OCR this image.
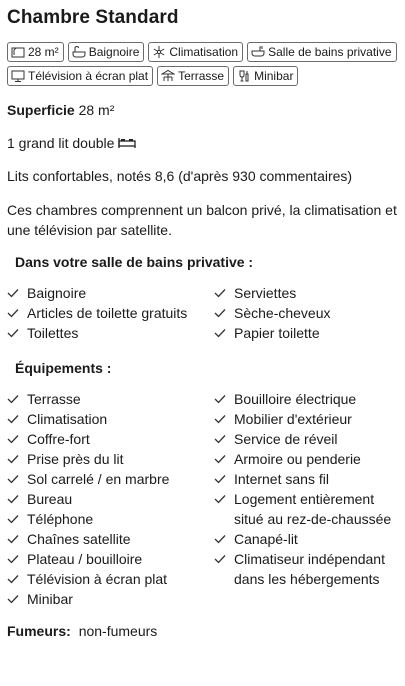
Chambre Standard
28 m²	Baignoire	Climatisation	Salle de bains privative
Télévision à écran plat	Terrasse	Minibar

Superficie 28 m²

1 grand lit double

Lits confortables, notés 8,6 (d'après 930 commentaires)

Ces chambres comprennent un balcon privé, la climatisation et une télévision par satellite.

Dans votre salle de bains privative :
Baignoire
Articles de toilette gratuits
Toilettes
Serviettes
Sèche-cheveux
Papier toilette
Équipements :
Terrasse
Climatisation
Coffre-fort
Prise près du lit
Sol carrelé / en marbre
Bureau
Téléphone
Chaînes satellite
Plateau / bouilloire
Télévision à écran plat
Minibar
Bouilloire électrique
Mobilier d'extérieur
Service de réveil
Armoire ou penderie
Internet sans fil
Logement entièrement situé au rez-de-chaussée
Canapé-lit
Climatiseur indépendant dans les hébergements

Fumeurs: non-fumeurs
